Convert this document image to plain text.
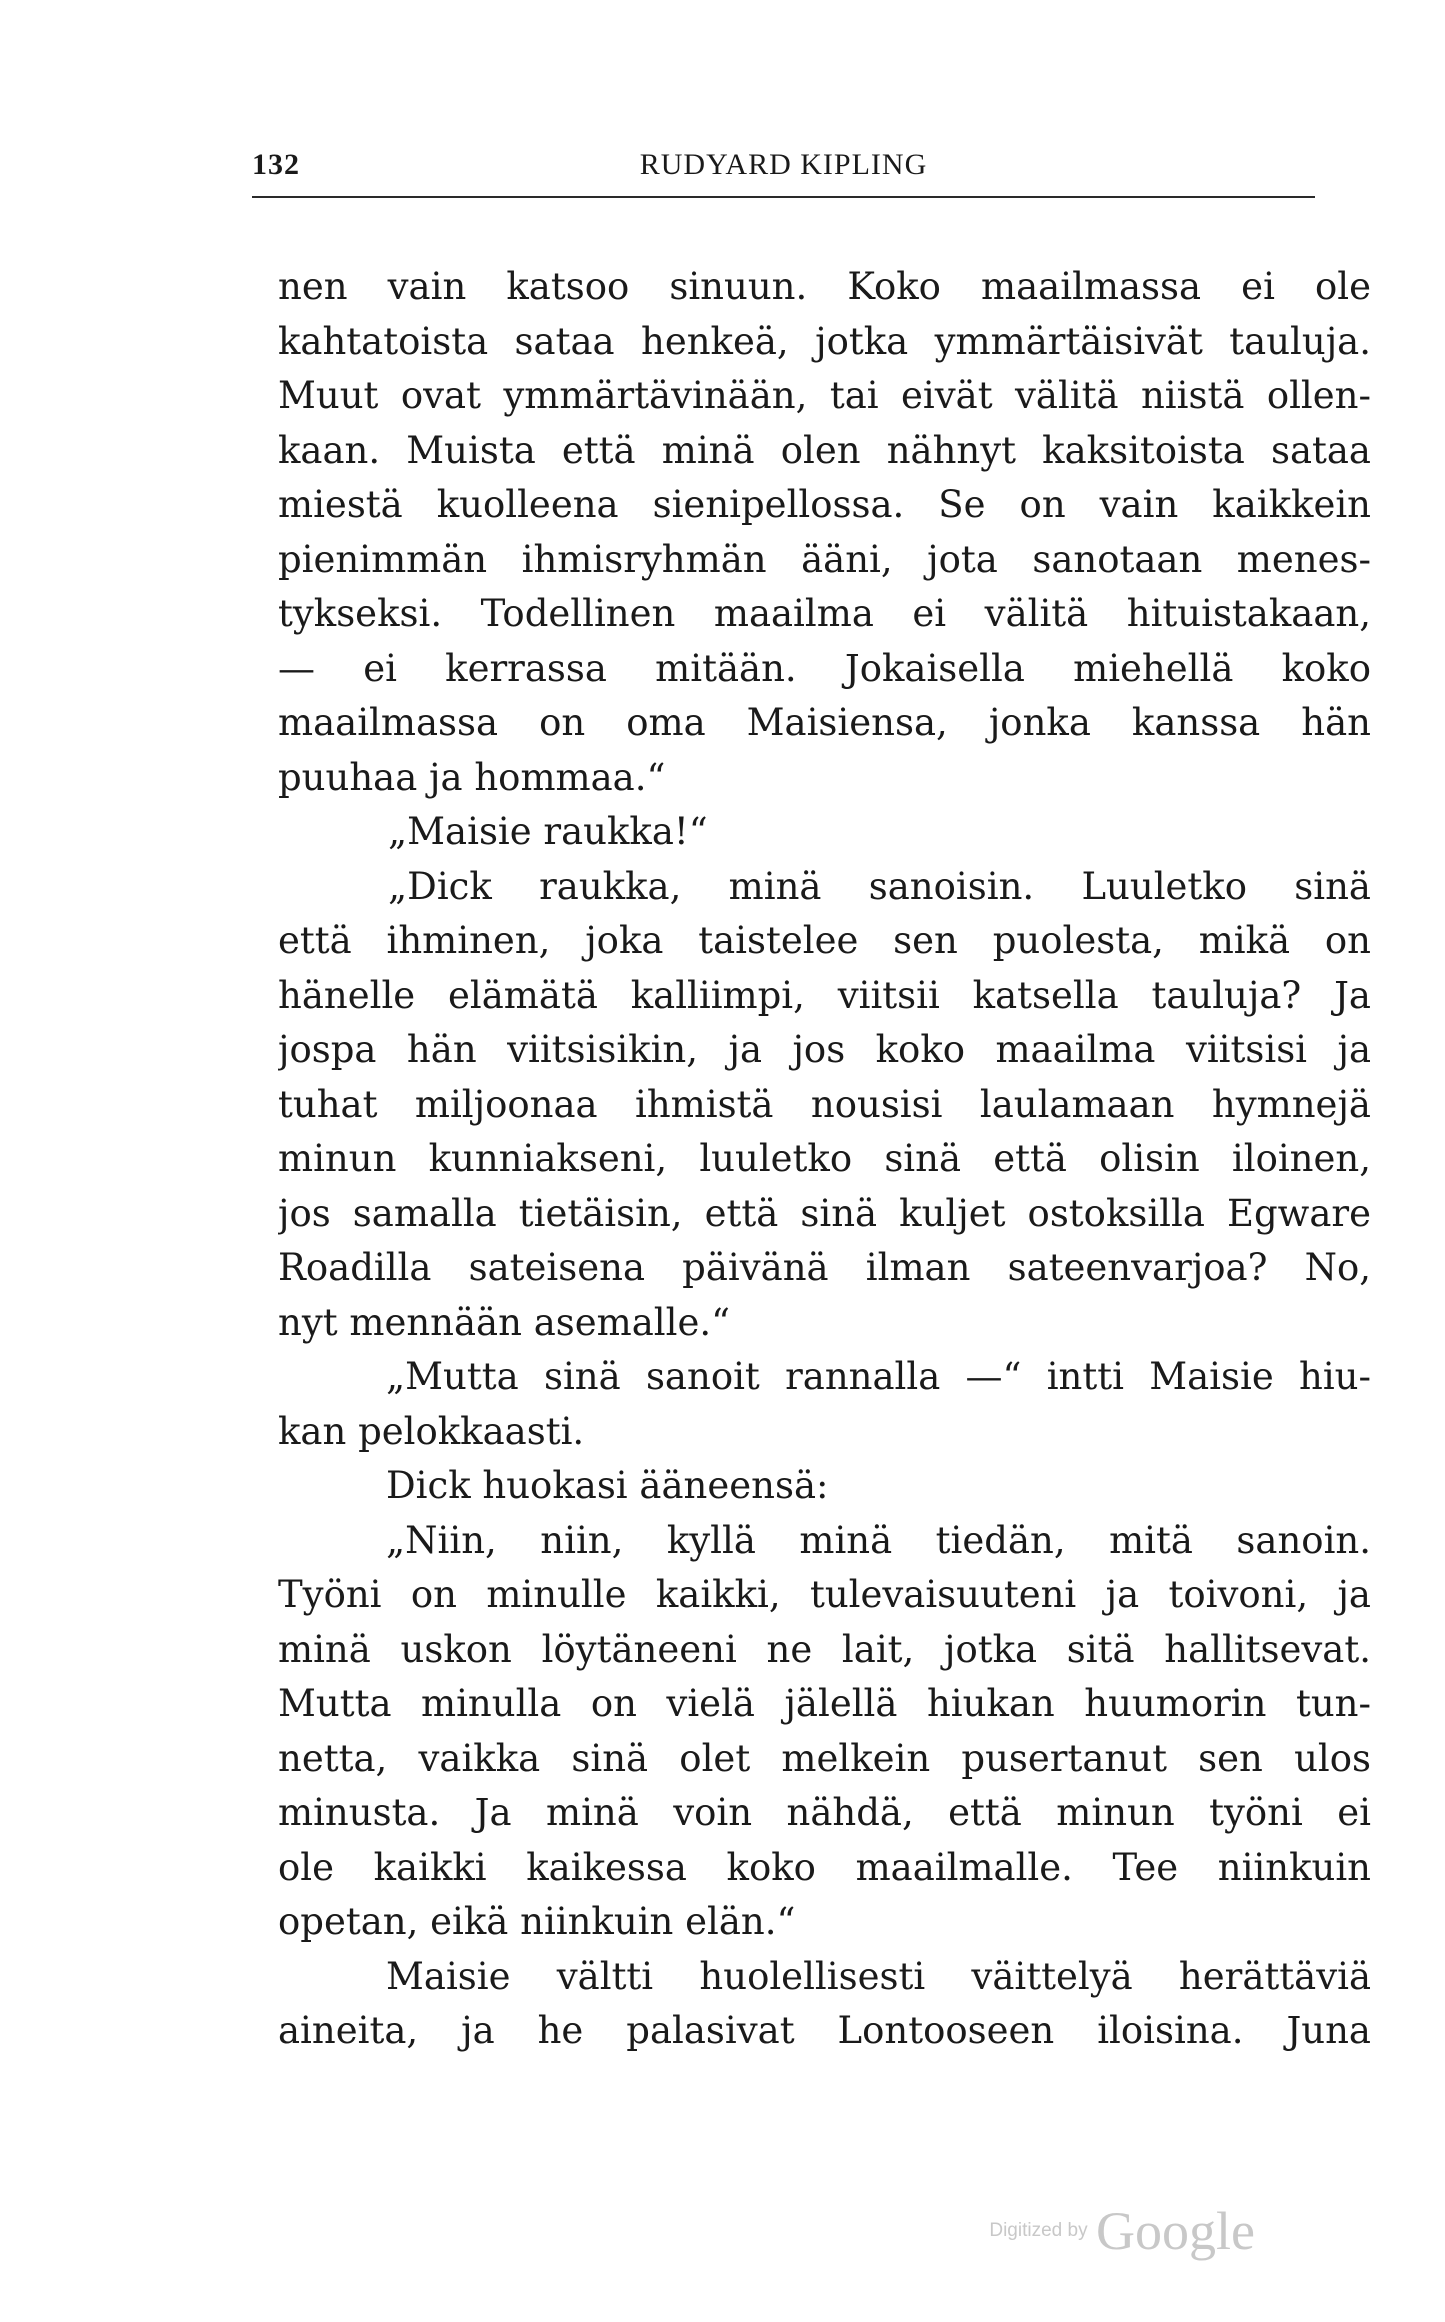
132	RUDYARD KIPLING
nen vain katsoo sinuun. Koko maailmassa ei ole
kahtatoista sataa henkeä, jotka ymmärtäisivät tauluja.
Muut ovat ymmärtävinään, tai eivät välitä niistä ollen-
kaan. Muista että minä olen nähnyt kaksitoista sataa
miestä kuolleena sienipellossa. Se on vain kaikkein
pienimmän ihmisryhmän ääni, jota sanotaan menes-
tykseksi. Todellinen maailma ei välitä hituistakaan,
— ei kerrassa mitään. Jokaisella miehellä koko
maailmassa on oma Maisiensa, jonka kanssa hän
puuhaa ja hommaa.“
„Maisie raukka!“
„Dick raukka, minä sanoisin. Luuletko sinä
että ihminen, joka taistelee sen puolesta, mikä on
hänelle elämätä kalliimpi, viitsii katsella tauluja? Ja
jospa hän viitsisikin, ja jos koko maailma viitsisi ja
tuhat miljoonaa ihmistä nousisi laulamaan hymnejä
minun kunniakseni, luuletko sinä että olisin iloinen,
jos samalla tietäisin, että sinä kuljet ostoksilla Egware
Roadilla sateisena päivänä ilman sateenvarjoa? No,
nyt mennään asemalle.“
„Mutta sinä sanoit rannalla —“ intti Maisie hiu-
kan pelokkaasti.
Dick huokasi ääneensä:
„Niin, niin, kyllä minä tiedän, mitä sanoin.
Työni on minulle kaikki, tulevaisuuteni ja toivoni, ja
minä uskon löytäneeni ne lait, jotka sitä hallitsevat.
Mutta minulla on vielä jälellä hiukan huumorin tun-
netta, vaikka sinä olet melkein pusertanut sen ulos
minusta. Ja minä voin nähdä, että minun työni ei
ole kaikki kaikessa koko maailmalle. Tee niinkuin
opetan, eikä niinkuin elän.“
Maisie vältti huolellisesti väittelyä herättäviä
aineita, ja he palasivat Lontooseen iloisina. Juna
Digitized by Google
